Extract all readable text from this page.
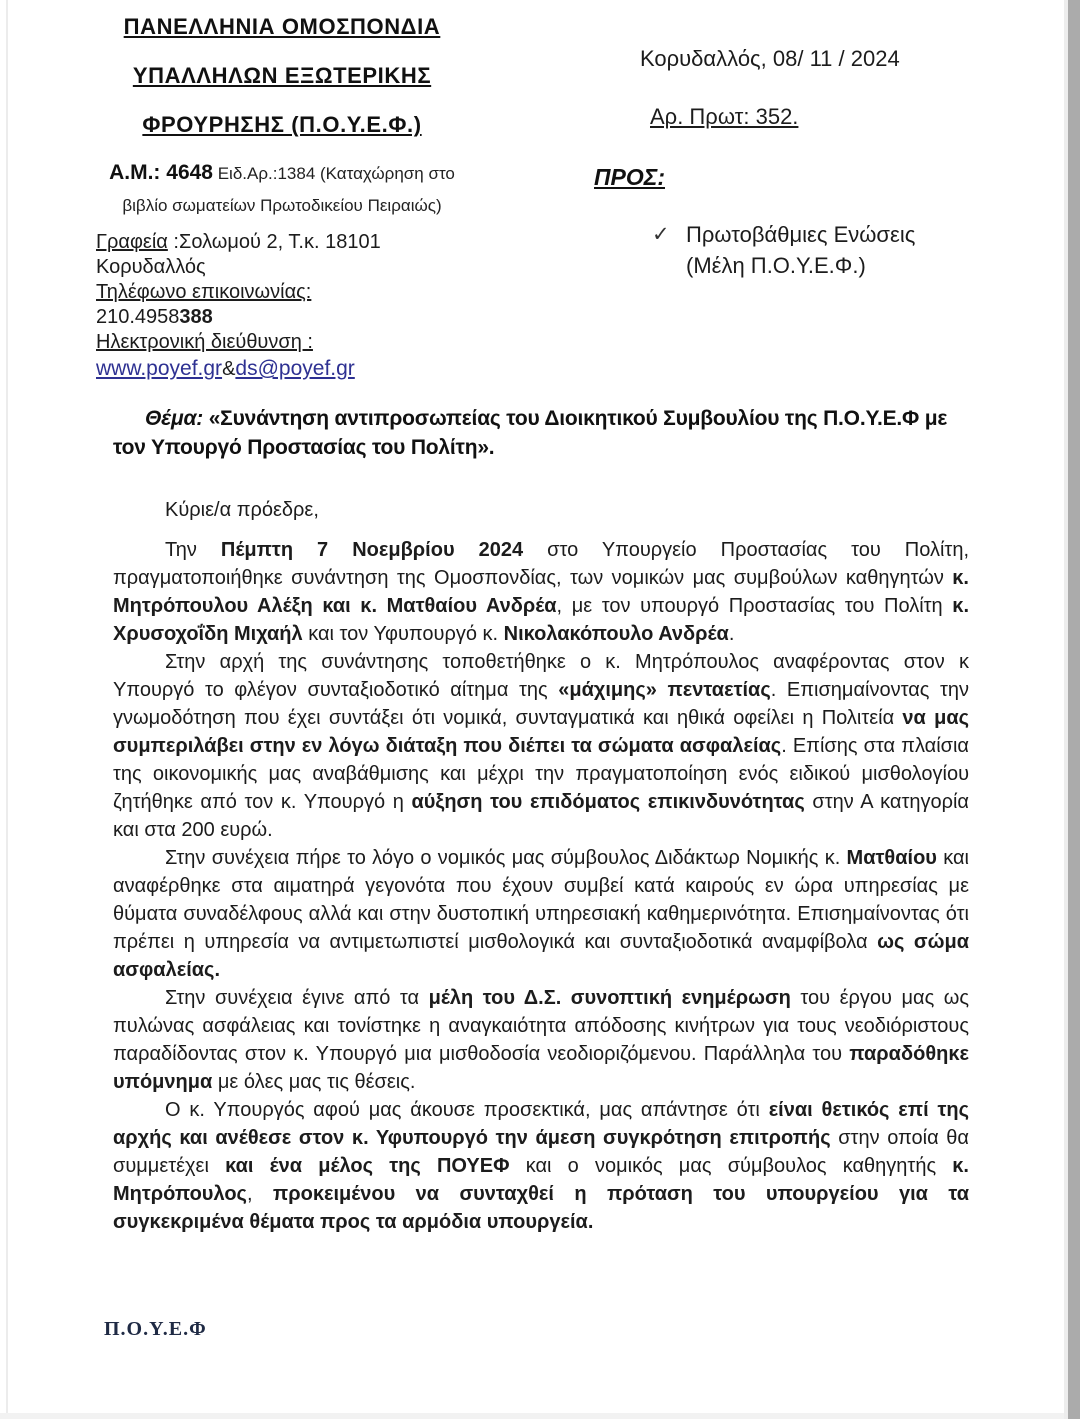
ΠΑΝΕΛΛΗΝΙΑ ΟΜΟΣΠΟΝΔΙΑ
ΥΠΑΛΛΗΛΩΝ ΕΞΩΤΕΡΙΚΗΣ
ΦΡΟΥΡΗΣΗΣ (Π.Ο.Υ.Ε.Φ.)
Α.Μ.: 4648 Ειδ.Αρ.:1384 (Καταχώρηση στο
βιβλίο σωματείων Πρωτοδικείου Πειραιώς)
Γραφεία :Σολωμού 2, Τ.κ. 18101
Κορυδαλλός
Τηλέφωνο επικοινωνίας:
210.4958388
Ηλεκτρονική διεύθυνση :
www.poyef.gr&ds@poyef.gr
Κορυδαλλός, 08/ 11 / 2024
Αρ. Πρωτ: 352.
ΠΡΟΣ:
✓ Πρωτοβάθμιες Ενώσεις
(Μέλη Π.Ο.Υ.Ε.Φ.)

Θέμα: «Συνάντηση αντιπροσωπείας του Διοικητικού Συμβουλίου της Π.Ο.Υ.Ε.Φ με τον Υπουργό Προστασίας του Πολίτη».

Κύριε/α πρόεδρε,

Την Πέμπτη 7 Νοεμβρίου 2024 στο Υπουργείο Προστασίας του Πολίτη, πραγματοποιήθηκε συνάντηση της Ομοσπονδίας, των νομικών μας συμβούλων καθηγητών κ. Μητρόπουλου Αλέξη και κ. Ματθαίου Ανδρέα, με τον υπουργό Προστασίας του Πολίτη κ. Χρυσοχοΐδη Μιχαήλ και τον Υφυπουργό κ. Νικολακόπουλο Ανδρέα.

Στην αρχή της συνάντησης τοποθετήθηκε ο κ. Μητρόπουλος αναφέροντας στον κ Υπουργό το φλέγον συνταξιοδοτικό αίτημα της «μάχιμης» πενταετίας. Επισημαίνοντας την γνωμοδότηση που έχει συντάξει ότι νομικά, συνταγματικά και ηθικά οφείλει η Πολιτεία να μας συμπεριλάβει στην εν λόγω διάταξη που διέπει τα σώματα ασφαλείας. Επίσης στα πλαίσια της οικονομικής μας αναβάθμισης και μέχρι την πραγματοποίηση ενός ειδικού μισθολογίου ζητήθηκε από τον κ. Υπουργό η αύξηση του επιδόματος επικινδυνότητας στην Α κατηγορία και στα 200 ευρώ.

Στην συνέχεια πήρε το λόγο ο νομικός μας σύμβουλος Διδάκτωρ Νομικής κ. Ματθαίου και αναφέρθηκε στα αιματηρά γεγονότα που έχουν συμβεί κατά καιρούς εν ώρα υπηρεσίας με θύματα συναδέλφους αλλά και στην δυστοπική υπηρεσιακή καθημερινότητα. Επισημαίνοντας ότι πρέπει η υπηρεσία να αντιμετωπιστεί μισθολογικά και συνταξιοδοτικά αναμφίβολα ως σώμα ασφαλείας.

Στην συνέχεια έγινε από τα μέλη του Δ.Σ. συνοπτική ενημέρωση του έργου μας ως πυλώνας ασφάλειας και τονίστηκε η αναγκαιότητα απόδοσης κινήτρων για τους νεοδιόριστους παραδίδοντας στον κ. Υπουργό μια μισθοδοσία νεοδιοριζόμενου. Παράλληλα του παραδόθηκε υπόμνημα με όλες μας τις θέσεις.

Ο κ. Υπουργός αφού μας άκουσε προσεκτικά, μας απάντησε ότι είναι θετικός επί της αρχής και ανέθεσε στον κ. Υφυπουργό την άμεση συγκρότηση επιτροπής στην οποία θα συμμετέχει και ένα μέλος της ΠΟΥΕΦ και ο νομικός μας σύμβουλος καθηγητής κ. Μητρόπουλος, προκειμένου να συνταχθεί η πρόταση του υπουργείου για τα συγκεκριμένα θέματα προς τα αρμόδια υπουργεία.

Π.Ο.Υ.Ε.Φ
